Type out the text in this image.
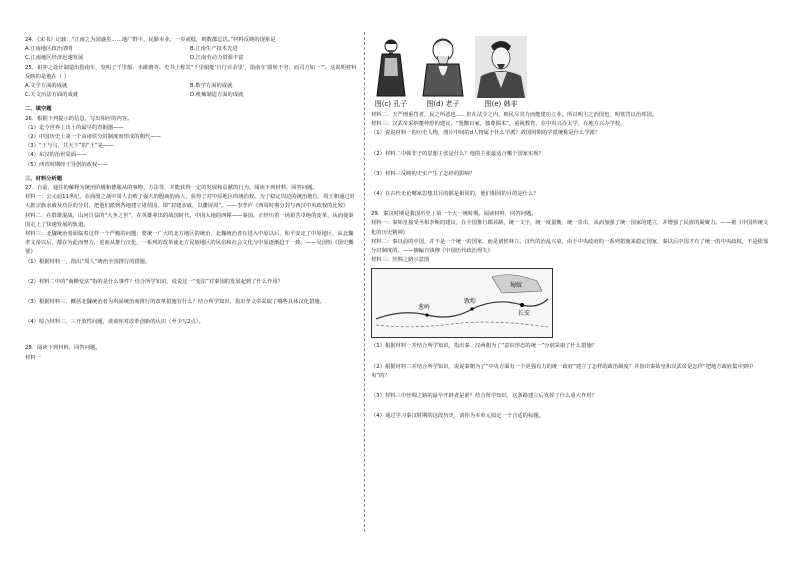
24．《宋书》记载：“江南之为国盛矣……地广野丰，民勤本业，一岁或稔，则数郡忘饥。”材料反映的现象是

A.江南地区政治清明	B.江南生产技术先进
C.江南地区经济迅速发展	D.江南劳动力资源丰富

25．祖冲之设计制造出指南车，发明了千里船、水碓磨等。史书上称其“千里船能‘日行百余里’，指南车‘圆转不穷，而司方如一’”。这说明材料反映的是他在（ ）

A.文学方面的成就	B.数学方面的成就
C.天文历法方面的成就	D.机械制造方面的成就

二、填空题

26．根据下列提示的信息，写出相应的内容。

（1）迄今世界上出土的最早的青铜器——

（2）中国历史上第一个由诸侯分封制度而形成的朝代——

（3）“王与马，共天下”的“王”是——

（4）东汉的治世局面——

（5）西晋时期经王导创的政权——

三、材料分析题

27．自前，通往的解释为统治阶级和德服从的事物、方法等，并能获得一定的发展和贡献的行为。阅读下列材料，回答问题。

材料一：公元前11世纪，在商殷之战中周人击败了强大的殷商的商人，获得了对中原地区的统治权。为了稳定周边的统治地位，周王朝通过对大批宗族亲戚及功臣的分封，把他们派到各地建立诸侯国，即“封建亲戚，以藩屏周”。——李孝庐《西周时期分封与西汉中央政权的比较》

材料二：在群雄混战，山河日益的“大争之世”，在英雄辈出的战国时代。中国大地的西陲——秦国，正经历着一场艰苦卓绝的变革，从而使秦国走上了快速发展的轨道。

材料三：北魏统治者面临着这样一个严峻的问题：要统一广大的北方地区的统治，北魏统治者在进入中原以后，和平安定了中原地区，从北魏孝文帝以后，都在为此而努力，进而从推行汉化，一系列的改革使北方民族地区的风俗和社会文化与中原逐渐趋于一致。——吴国恒《国史概要》

（1）根据材料一，指出“周人”统治全国推行的措施。

（2）材料二中的“商鞅变法”指的是什么事件？结合所学知识，说说这一“变法”对秦国的发展起到了什么作用？

（3）根据材料三，概括北魏统治者为巩固统治而推行的改革措施有什么？结合所学知识，指出孝文帝采取了哪些具体汉化措施。

（4）综合材料二、三开放性问题，谈谈你对改革创新的认识（至少写2点）。

28．阅读下列材料，回答问题。

材料一

图(c) 孔子	图(d) 老子	图(e) 韩非

材料二：夫严刑重罚者，民之所恶也……但在法令之内，则民尽其力而能建功立业。所以明主之治国也，明赏罚以治邦国。

材料三：汉武帝采纳董仲舒的建议，“罢黜百家，独尊儒术”，重视教育，在中央兴办太学，在地方兴办学校。

（1）说说材料一的历史人物，图片中间的d人物属于什么学派？故国时期的学派统称是什么学派？

（2）材料二中韩非子的思想主张是什么？他的主张最适合哪个国家实现？

（3）材料三反映的史实产生了怎样的影响？

（4）在古代无论哪家思想其目的都是相同的，他们相同的目的是什么？

29．秦汉时期是我国历史上第一个大一统时期。阅读材料，回答问题。

材料一：秦始皇接受丞相李斯的建议，在全国推行郡县制，统一文字，统一度量衡，统一货币，从而加强了统一国家的建立，并增强了民族的凝聚力。——据《中国传统文化的历史精神》

材料二：秦以前的中国，并不是一个统一的国家，而是诸侯林立。汉代的治乱兴衰，由于中央政府的一系列措施来稳定国家，秦以后中国才有了统一的中央政权，不是依靠分封制度的。——摘编自钱穆《中国历代政治得失》

材料三：丝绸之路示意图

匈奴
长安
敦煌
葱岭

（1）根据材料一并结合所学知识，指出秦、汉两朝为了“意识形态的统一”分别采取了什么措施？

（2）根据材料二并结合所学知识，说说秦朝为了“中央方面有一个更强有力的统一政府”建立了怎样的政治制度？并指出秦始皇和汉武帝是怎样“把地方政府集中到中央”的？

（3）材料三中丝绸之路的最早开辟者是谁？结合所学知识，这条路建立后发挥了什么重大作用？

（4）通过学习秦汉时期的这段历史，请你为本单元拟定一个合适的标题。
